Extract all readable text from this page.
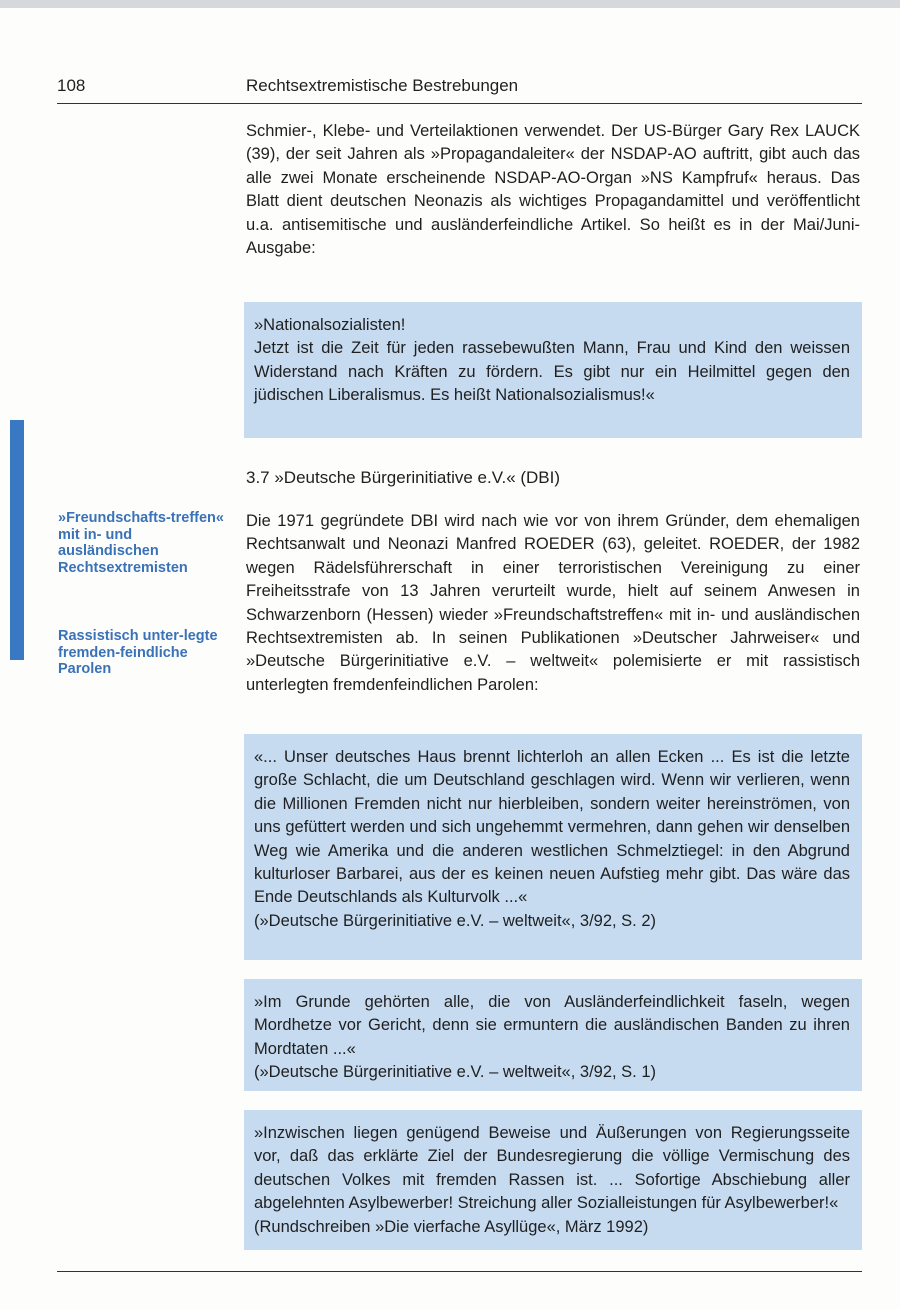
108	Rechtsextremistische Bestrebungen

Schmier-, Klebe- und Verteilaktionen verwendet. Der US-Bürger Gary Rex LAUCK (39), der seit Jahren als »Propagandaleiter« der NSDAP-AO auftritt, gibt auch das alle zwei Monate erscheinende NSDAP-AO-Organ »NS Kampfruf« heraus. Das Blatt dient deutschen Neonazis als wichtiges Propagandamittel und veröffentlicht u.a. antisemitische und ausländerfeindliche Artikel. So heißt es in der Mai/Juni-Ausgabe:

»Nationalsozialisten!

Jetzt ist die Zeit für jeden rassebewußten Mann, Frau und Kind den weissen Widerstand nach Kräften zu fördern. Es gibt nur ein Heilmittel gegen den jüdischen Liberalismus. Es heißt Nationalsozialismus!«

3.7 »Deutsche Bürgerinitiative e.V.« (DBI)

Die 1971 gegründete DBI wird nach wie vor von ihrem Gründer, dem ehemaligen Rechtsanwalt und Neonazi Manfred ROEDER (63), geleitet. ROEDER, der 1982 wegen Rädelsführerschaft in einer terroristischen Vereinigung zu einer Freiheitsstrafe von 13 Jahren verurteilt wurde, hielt auf seinem Anwesen in Schwarzenborn (Hessen) wieder »Freundschaftstreffen« mit in- und ausländischen Rechtsextremisten ab. In seinen Publikationen »Deutscher Jahrweiser« und »Deutsche Bürgerinitiative e.V. – weltweit« polemisierte er mit rassistisch unterlegten fremdenfeindlichen Parolen:

»Freundschafts-treffen« mit in- und ausländischen Rechtsextremisten
Rassistisch unter-legte fremden-feindliche Parolen

«... Unser deutsches Haus brennt lichterloh an allen Ecken ... Es ist die letzte große Schlacht, die um Deutschland geschlagen wird. Wenn wir verlieren, wenn die Millionen Fremden nicht nur hierbleiben, sondern weiter hereinströmen, von uns gefüttert werden und sich ungehemmt vermehren, dann gehen wir denselben Weg wie Amerika und die anderen westlichen Schmelztiegel: in den Abgrund kulturloser Barbarei, aus der es keinen neuen Aufstieg mehr gibt. Das wäre das Ende Deutschlands als Kulturvolk ...«

(»Deutsche Bürgerinitiative e.V. – weltweit«, 3/92, S. 2)

»Im Grunde gehörten alle, die von Ausländerfeindlichkeit faseln, wegen Mordhetze vor Gericht, denn sie ermuntern die ausländischen Banden zu ihren Mordtaten ...«

(»Deutsche Bürgerinitiative e.V. – weltweit«, 3/92, S. 1)

»Inzwischen liegen genügend Beweise und Äußerungen von Regierungsseite vor, daß das erklärte Ziel der Bundesregierung die völlige Vermischung des deutschen Volkes mit fremden Rassen ist. ... Sofortige Abschiebung aller abgelehnten Asylbewerber! Streichung aller Sozialleistungen für Asylbewerber!«

(Rundschreiben »Die vierfache Asyllüge«, März 1992)
